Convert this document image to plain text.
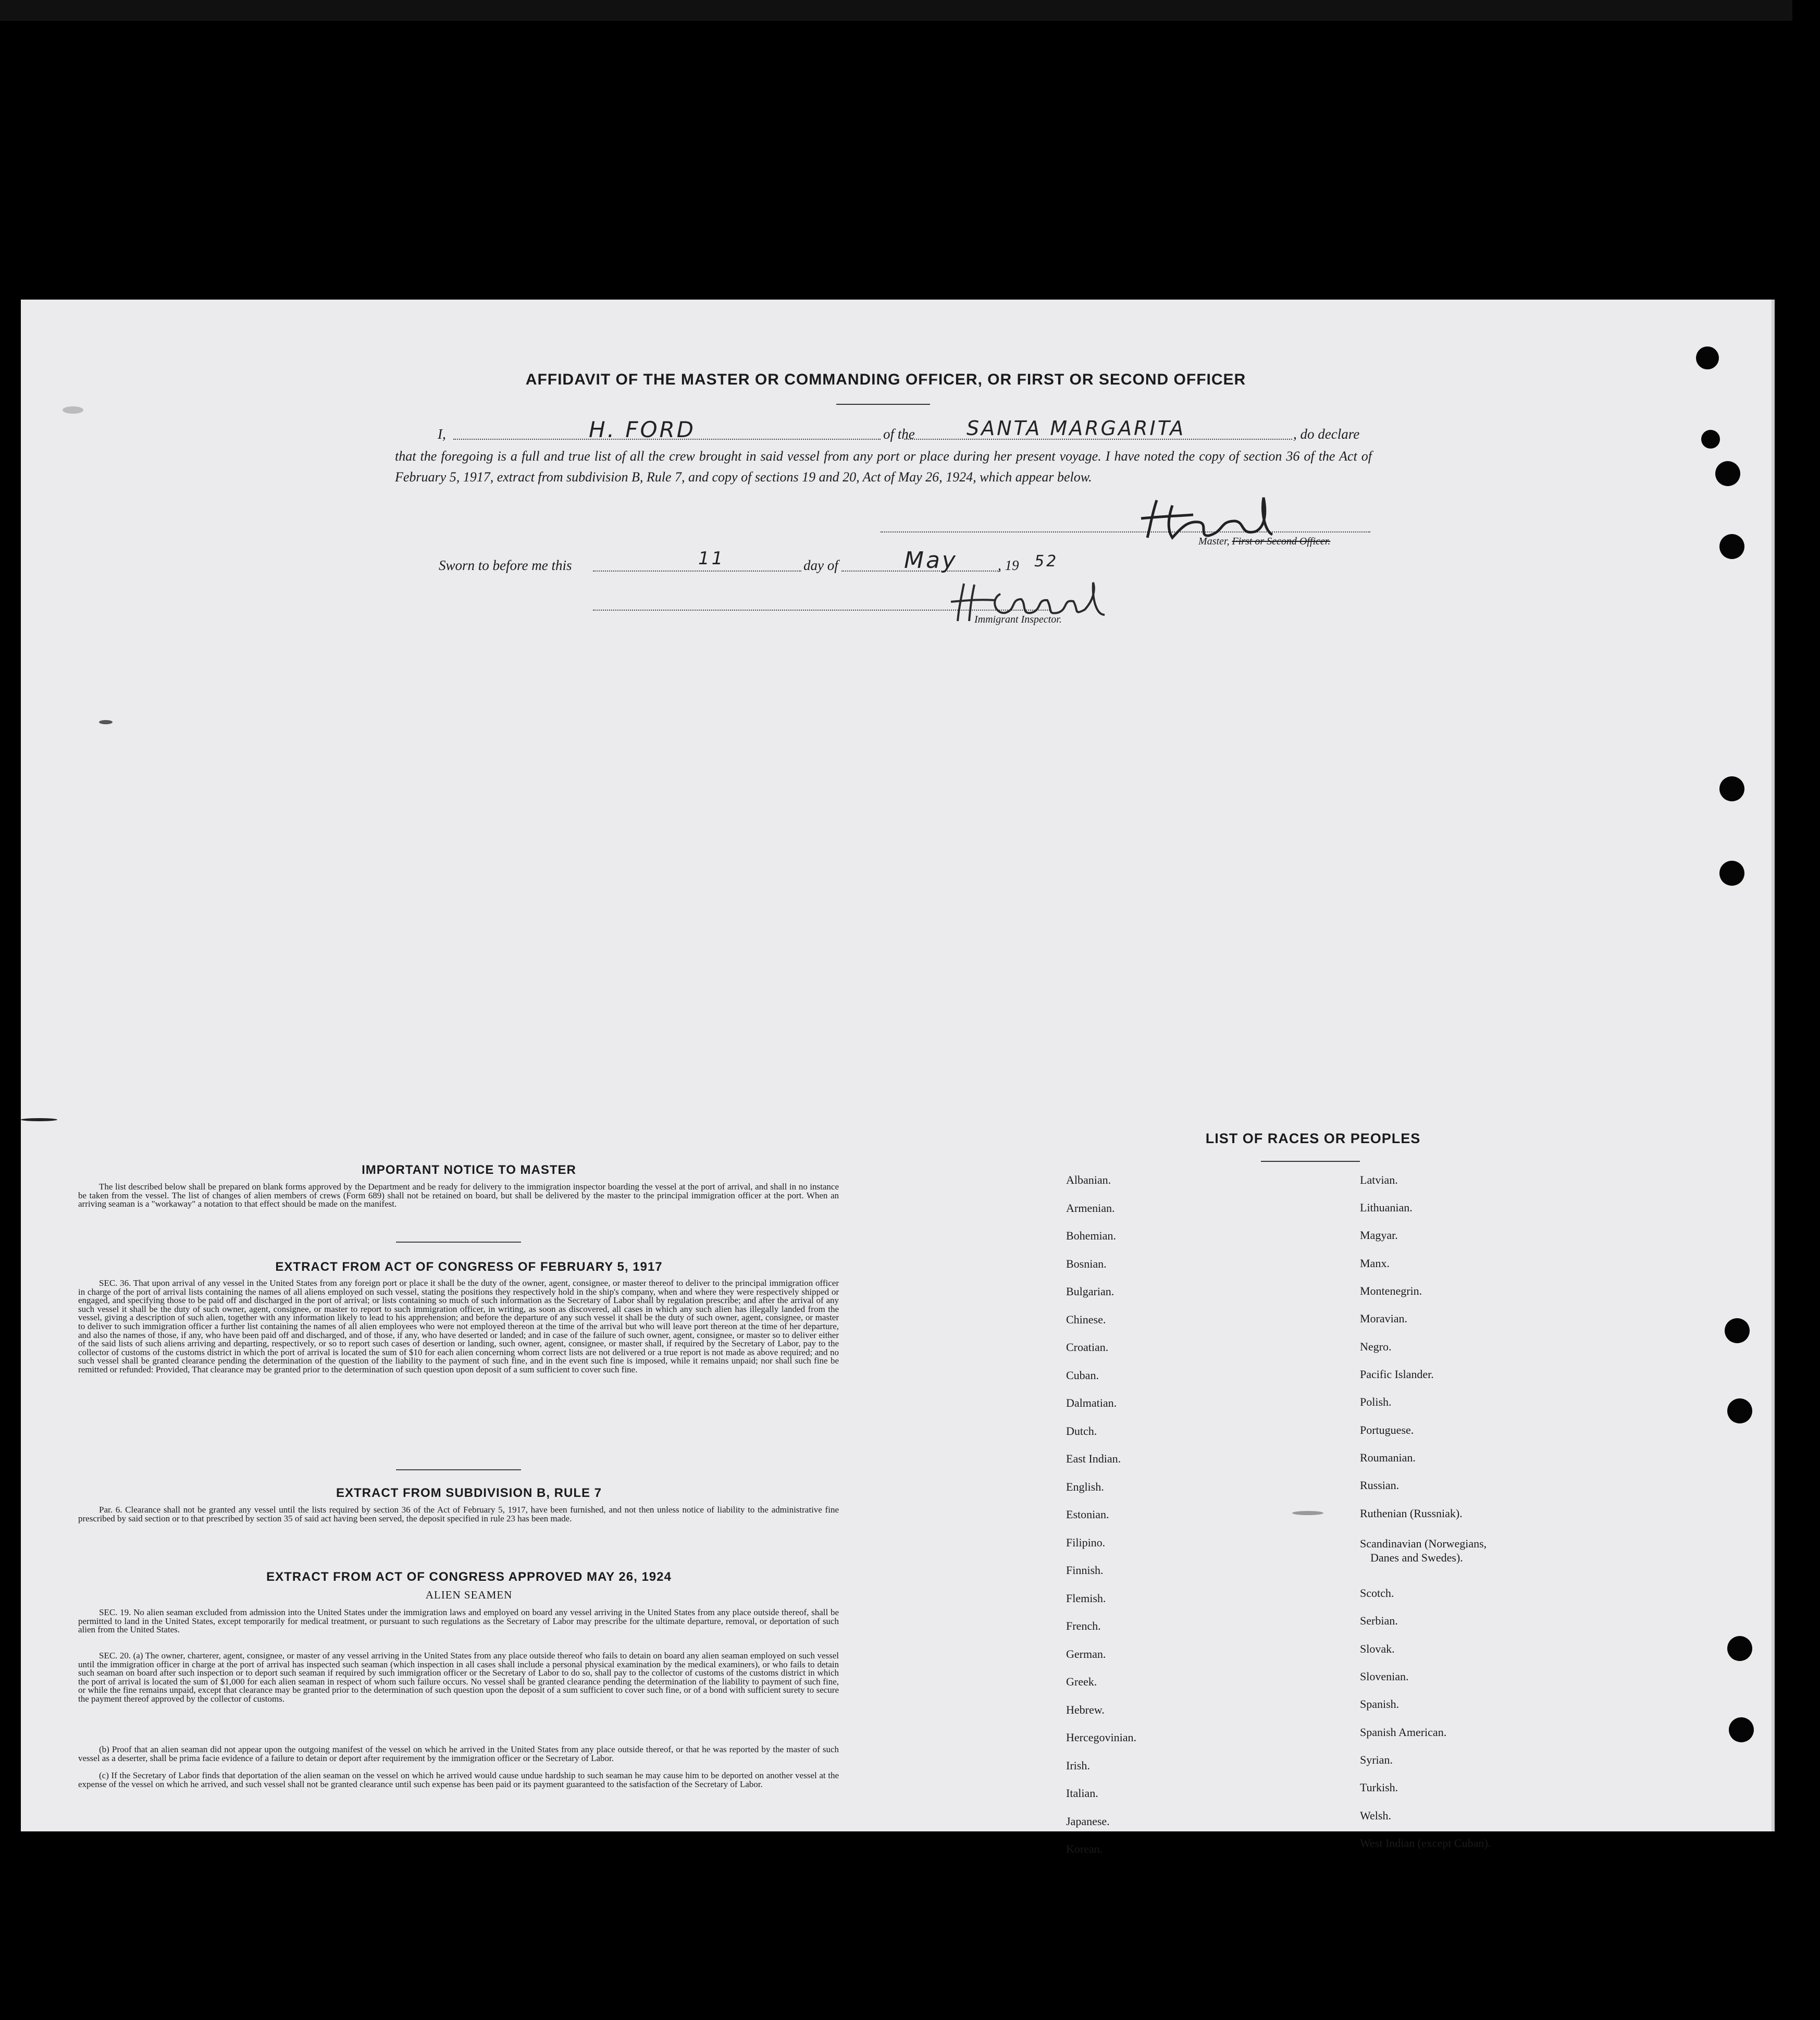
AFFIDAVIT OF THE MASTER OR COMMANDING OFFICER, OR FIRST OR SECOND OFFICER
I,	H. FORD	of the	SANTA MARGARITA	, do declare
that the foregoing is a full and true list of all the crew brought in said vessel from any port or place during her present voyage. I have noted the copy of section 36 of the Act of February 5, 1917, extract from subdivision B, Rule 7, and copy of sections 19 and 20, Act of May 26, 1924, which appear below.
Master, First or Second Officer.
Sworn to before me this	11	day of	May	, 19 52
Immigrant Inspector.
IMPORTANT NOTICE TO MASTER

The list described below shall be prepared on blank forms approved by the Department and be ready for delivery to the immigration inspector boarding the vessel at the port of arrival, and shall in no instance be taken from the vessel. The list of changes of alien members of crews (Form 689) shall not be retained on board, but shall be delivered by the master to the principal immigration officer at the port. When an arriving seaman is a "workaway" a notation to that effect should be made on the manifest.

EXTRACT FROM ACT OF CONGRESS OF FEBRUARY 5, 1917

SEC. 36. That upon arrival of any vessel in the United States from any foreign port or place it shall be the duty of the owner, agent, consignee, or master thereof to deliver to the principal immigration officer in charge of the port of arrival lists containing the names of all aliens employed on such vessel, stating the positions they respectively hold in the ship's company, when and where they were respectively shipped or engaged, and specifying those to be paid off and discharged in the port of arrival; or lists containing so much of such information as the Secretary of Labor shall by regulation prescribe; and after the arrival of any such vessel it shall be the duty of such owner, agent, consignee, or master to report to such immigration officer, in writing, as soon as discovered, all cases in which any such alien has illegally landed from the vessel, giving a description of such alien, together with any information likely to lead to his apprehension; and before the departure of any such vessel it shall be the duty of such owner, agent, consignee, or master to deliver to such immigration officer a further list containing the names of all alien employees who were not employed thereon at the time of the arrival but who will leave port thereon at the time of her departure, and also the names of those, if any, who have been paid off and discharged, and of those, if any, who have deserted or landed; and in case of the failure of such owner, agent, consignee, or master so to deliver either of the said lists of such aliens arriving and departing, respectively, or so to report such cases of desertion or landing, such owner, agent, consignee, or master shall, if required by the Secretary of Labor, pay to the collector of customs of the customs district in which the port of arrival is located the sum of $10 for each alien concerning whom correct lists are not delivered or a true report is not made as above required; and no such vessel shall be granted clearance pending the determination of the question of the liability to the payment of such fine, and in the event such fine is imposed, while it remains unpaid; nor shall such fine be remitted or refunded: Provided, That clearance may be granted prior to the determination of such question upon deposit of a sum sufficient to cover such fine.

EXTRACT FROM SUBDIVISION B, RULE 7

Par. 6. Clearance shall not be granted any vessel until the lists required by section 36 of the Act of February 5, 1917, have been furnished, and not then unless notice of liability to the administrative fine prescribed by said section or to that prescribed by section 35 of said act having been served, the deposit specified in rule 23 has been made.

EXTRACT FROM ACT OF CONGRESS APPROVED MAY 26, 1924
ALIEN SEAMEN

SEC. 19. No alien seaman excluded from admission into the United States under the immigration laws and employed on board any vessel arriving in the United States from any place outside thereof, shall be permitted to land in the United States, except temporarily for medical treatment, or pursuant to such regulations as the Secretary of Labor may prescribe for the ultimate departure, removal, or deportation of such alien from the United States.

SEC. 20. (a) The owner, charterer, agent, consignee, or master of any vessel arriving in the United States from any place outside thereof who fails to detain on board any alien seaman employed on such vessel until the immigration officer in charge at the port of arrival has inspected such seaman (which inspection in all cases shall include a personal physical examination by the medical examiners), or who fails to detain such seaman on board after such inspection or to deport such seaman if required by such immigration officer or the Secretary of Labor to do so, shall pay to the collector of customs of the customs district in which the port of arrival is located the sum of $1,000 for each alien seaman in respect of whom such failure occurs. No vessel shall be granted clearance pending the determination of the liability to payment of such fine, or while the fine remains unpaid, except that clearance may be granted prior to the determination of such question upon the deposit of a sum sufficient to cover such fine, or of a bond with sufficient surety to secure the payment thereof approved by the collector of customs.

(b) Proof that an alien seaman did not appear upon the outgoing manifest of the vessel on which he arrived in the United States from any place outside thereof, or that he was reported by the master of such vessel as a deserter, shall be prima facie evidence of a failure to detain or deport after requirement by the immigration officer or the Secretary of Labor.

(c) If the Secretary of Labor finds that deportation of the alien seaman on the vessel on which he arrived would cause undue hardship to such seaman he may cause him to be deported on another vessel at the expense of the vessel on which he arrived, and such vessel shall not be granted clearance until such expense has been paid or its payment guaranteed to the satisfaction of the Secretary of Labor.

LIST OF RACES OR PEOPLES
Albanian.
Armenian.
Bohemian.
Bosnian.
Bulgarian.
Chinese.
Croatian.
Cuban.
Dalmatian.
Dutch.
East Indian.
English.
Estonian.
Filipino.
Finnish.
Flemish.
French.
German.
Greek.
Hebrew.
Hercegovinian.
Irish.
Italian.
Japanese.
Korean.
Latvian.
Lithuanian.
Magyar.
Manx.
Montenegrin.
Moravian.
Negro.
Pacific Islander.
Polish.
Portuguese.
Roumanian.
Russian.
Ruthenian (Russniak).
Scandinavian (Norwegians,
Scotch.
Serbian.
Slovak.
Slovenian.
Spanish.
Spanish American.
Syrian.
Turkish.
Welsh.
West Indian (except Cuban).
Danes and Swedes).
